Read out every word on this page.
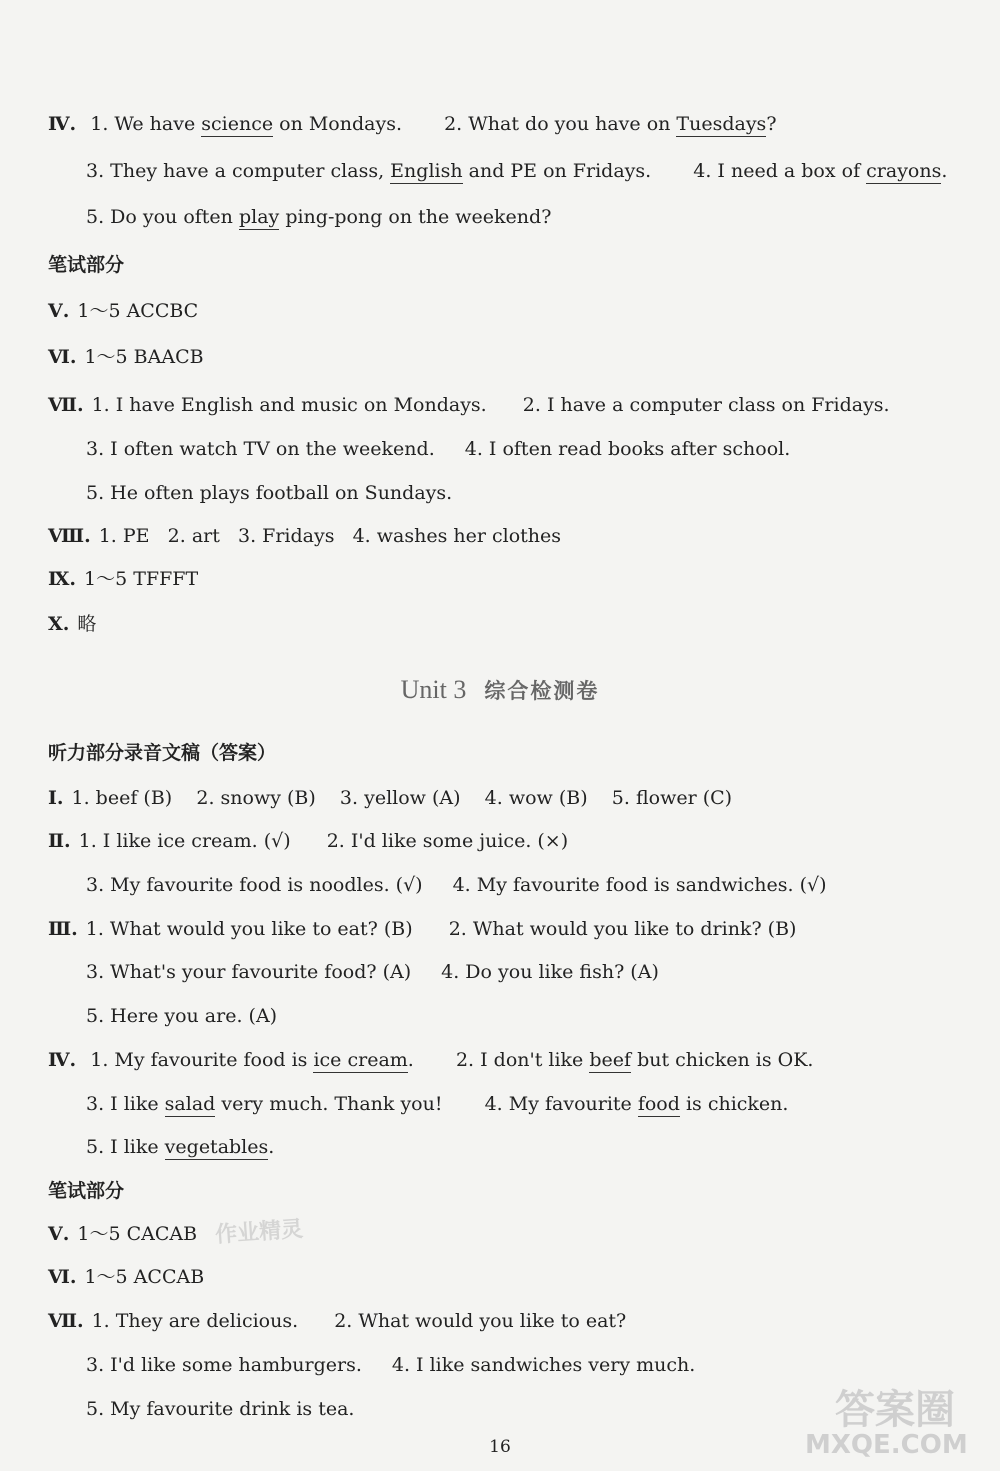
Ⅳ. 1. We have science on Mondays. 2. What do you have on Tuesdays?
3. They have a computer class, English and PE on Fridays. 4. I need a box of crayons.
5. Do you often play ping-pong on the weekend?
笔试部分
Ⅴ. 1～5 ACCBC
Ⅵ. 1～5 BAACB
Ⅶ. 1. I have English and music on Mondays. 2. I have a computer class on Fridays.
3. I often watch TV on the weekend. 4. I often read books after school.
5. He often plays football on Sundays.
Ⅷ. 1. PE   2. art   3. Fridays   4. washes her clothes
Ⅸ. 1～5 TFFFT
Ⅹ. 略
Unit 3 综合检测卷
听力部分录音文稿（答案）
Ⅰ. 1. beef (B)    2. snowy (B)    3. yellow (A)    4. wow (B)    5. flower (C)
Ⅱ. 1. I like ice cream. (√) 2. I'd like some juice. (×)
3. My favourite food is noodles. (√) 4. My favourite food is sandwiches. (√)
Ⅲ. 1. What would you like to eat? (B) 2. What would you like to drink? (B)
3. What's your favourite food? (A) 4. Do you like fish? (A)
5. Here you are. (A)
Ⅳ. 1. My favourite food is ice cream. 2. I don't like beef but chicken is OK.
3. I like salad very much. Thank you! 4. My favourite food is chicken.
5. I like vegetables.
笔试部分
Ⅴ. 1～5 CACAB
Ⅵ. 1～5 ACCAB
Ⅶ. 1. They are delicious. 2. What would you like to eat?
3. I'd like some hamburgers. 4. I like sandwiches very much.
5. My favourite drink is tea.
作业精灵
答案圈
MXQE.COM
16
